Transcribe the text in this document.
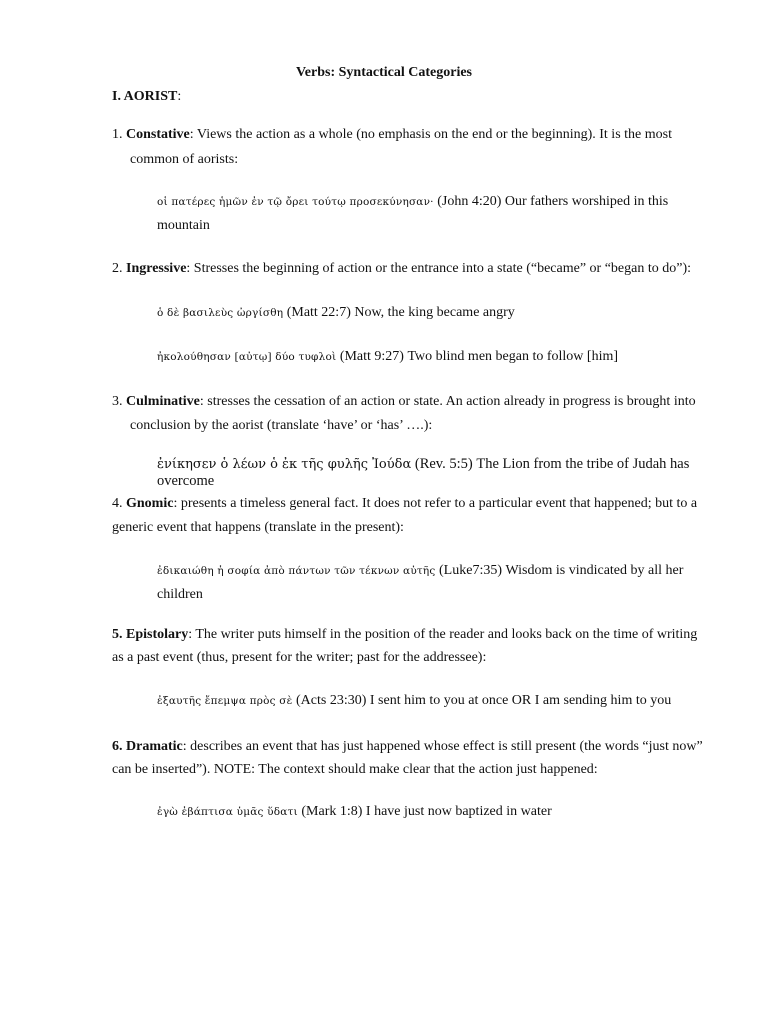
Verbs: Syntactical Categories
I. AORIST:
1. Constative: Views the action as a whole (no emphasis on the end or the beginning). It is the most
common of aorists:
οἱ πατέρες ἡμῶν ἐν τῷ ὄρει τούτῳ προσεκύνησαν· (John 4:20) Our fathers worshiped in this
mountain
2. Ingressive: Stresses the beginning of action or the entrance into a state (“became” or “began to do”):
ὁ δὲ βασιλεὺς ὠργίσθη (Matt 22:7) Now, the king became angry
ἠκολούθησαν [αὐτῳ] δύο τυφλοὶ (Matt 9:27) Two blind men began to follow [him]
3. Culminative: stresses the cessation of an action or state. An action already in progress is brought into
conclusion by the aorist (translate ‘have’ or ‘has’ ….):
ἐνίκησεν ὁ λέων ὁ ἐκ τῆς φυλῆς Ἰούδα (Rev. 5:5) The Lion from the tribe of Judah has
overcome
4. Gnomic: presents a timeless general fact. It does not refer to a particular event that happened; but to a
generic event that happens (translate in the present):
ἐδικαιώθη ἡ σοφία ἀπὸ πάντων τῶν τέκνων αὐτῆς (Luke7:35) Wisdom is vindicated by all her
children
5. Epistolary: The writer puts himself in the position of the reader and looks back on the time of writing
as a past event (thus, present for the writer; past for the addressee):
ἐξαυτῆς ἔπεμψα πρὸς σὲ (Acts 23:30) I sent him to you at once OR I am sending him to you
6. Dramatic: describes an event that has just happened whose effect is still present (the words “just now”
can be inserted”). NOTE: The context should make clear that the action just happened:
ἐγὼ ἐβάπτισα ὑμᾶς ὕδατι (Mark 1:8) I have just now baptized in water
